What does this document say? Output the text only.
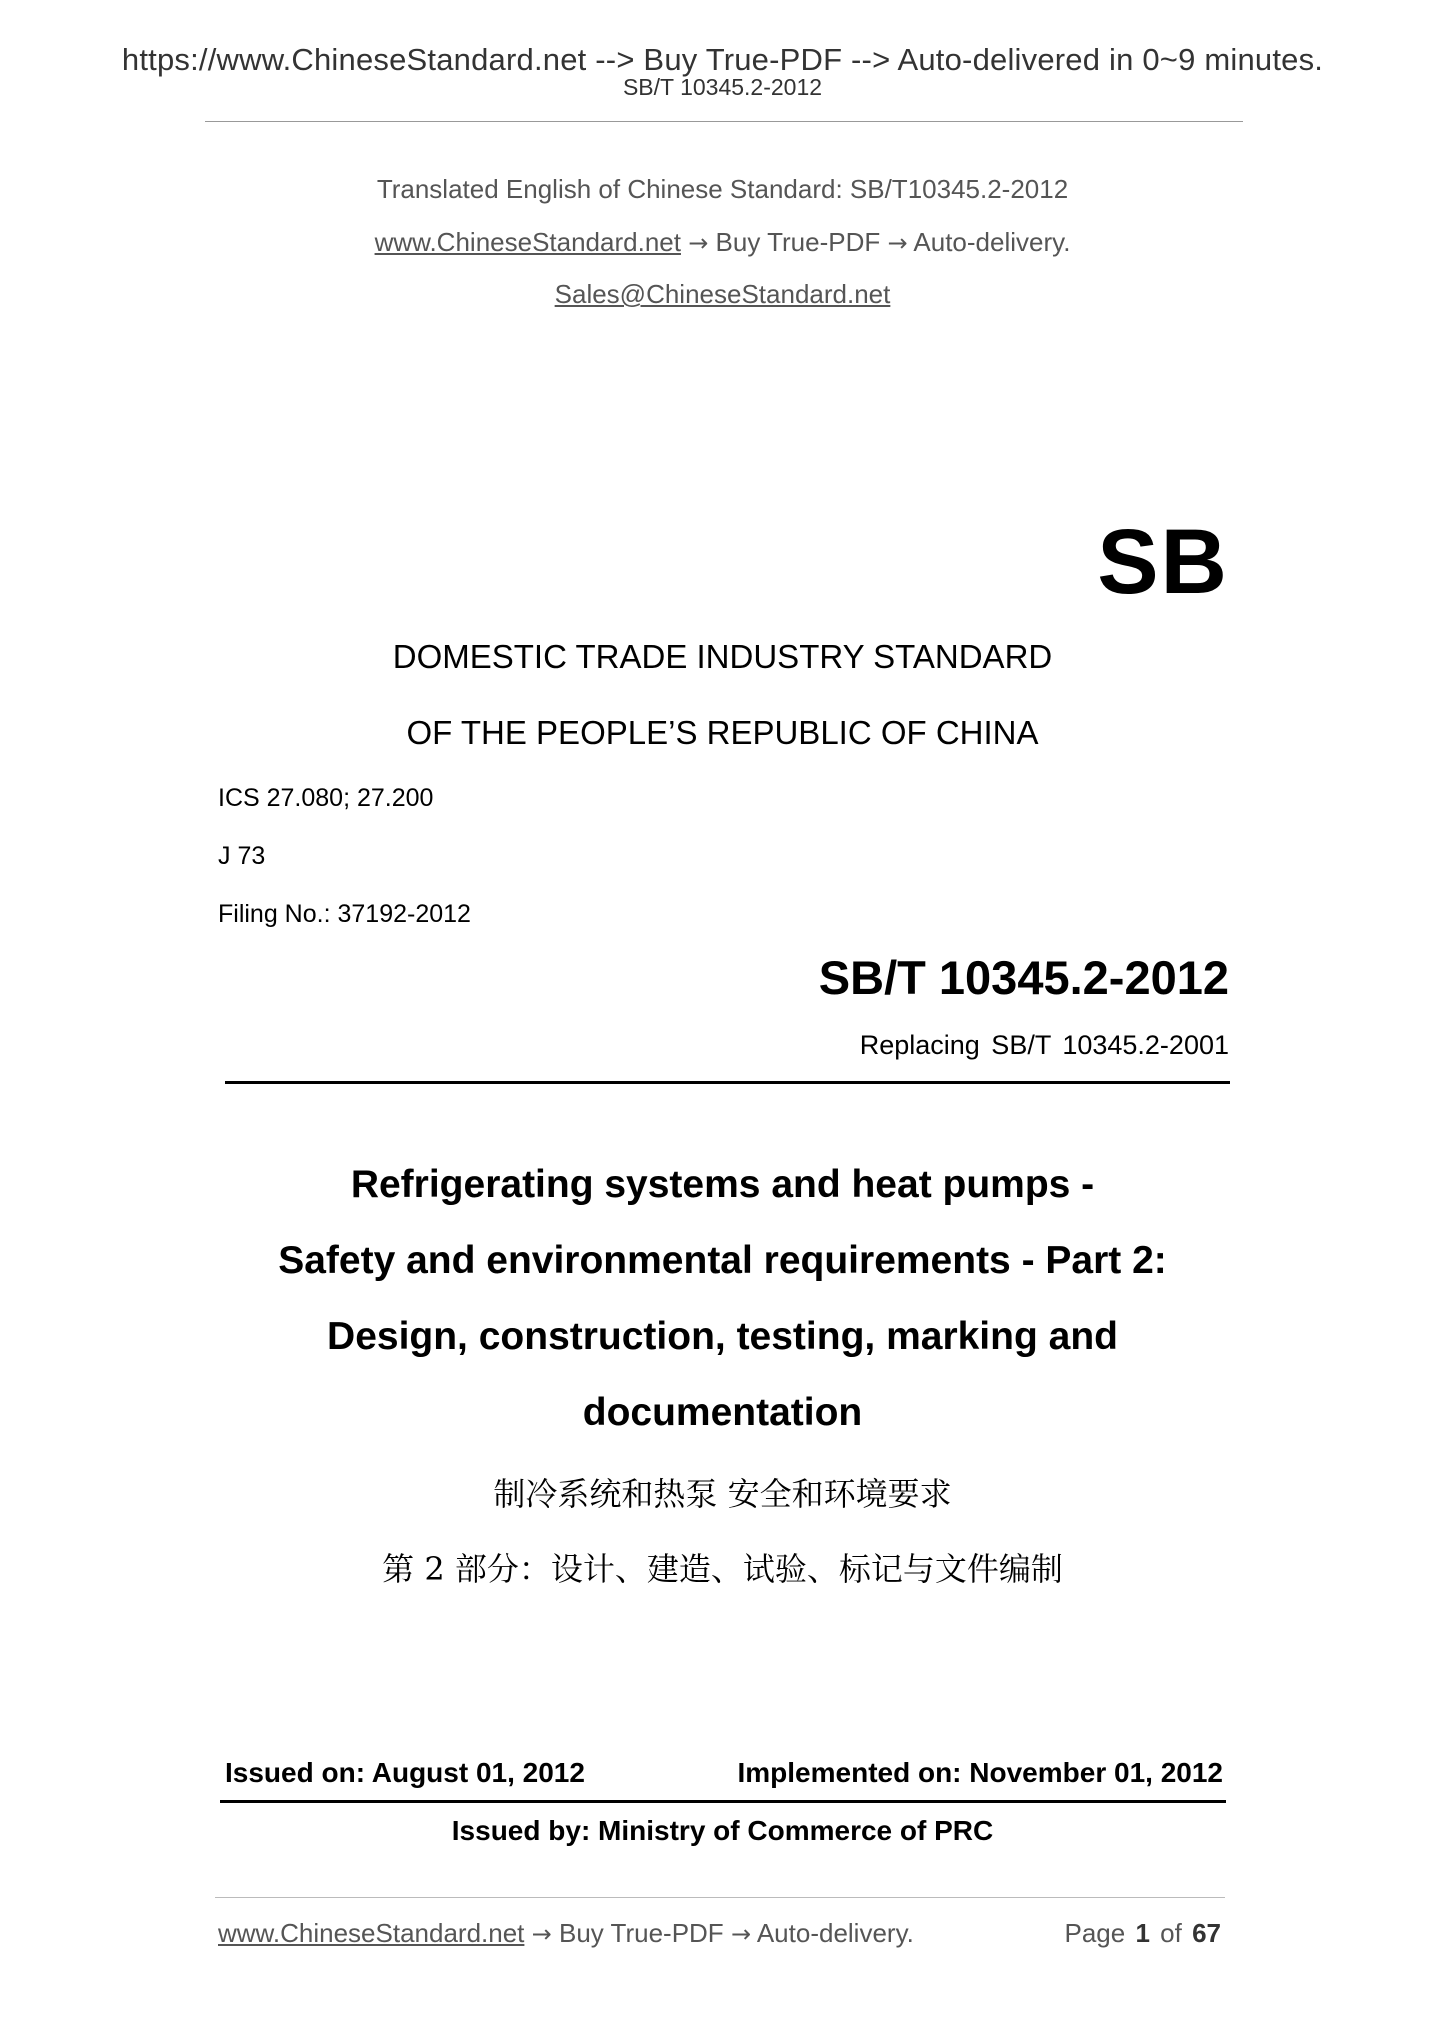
https://www.ChineseStandard.net --> Buy True-PDF --> Auto-delivered in 0~9 minutes.
SB/T 10345.2-2012
Translated English of Chinese Standard: SB/T10345.2-2012
www.ChineseStandard.net → Buy True-PDF → Auto-delivery.
Sales@ChineseStandard.net
SB
DOMESTIC TRADE INDUSTRY STANDARD
OF THE PEOPLE’S REPUBLIC OF CHINA
ICS 27.080; 27.200
J 73
Filing No.: 37192-2012
SB/T 10345.2-2012
Replacing SB/T 10345.2-2001
Refrigerating systems and heat pumps -
Safety and environmental requirements - Part 2:
Design, construction, testing, marking and
documentation
制冷系统和热泵 安全和环境要求
第 2 部分：设计、建造、试验、标记与文件编制
Issued on: August 01, 2012	Implemented on: November 01, 2012
Issued by: Ministry of Commerce of PRC
www.ChineseStandard.net → Buy True-PDF → Auto-delivery.	Page 1 of 67
